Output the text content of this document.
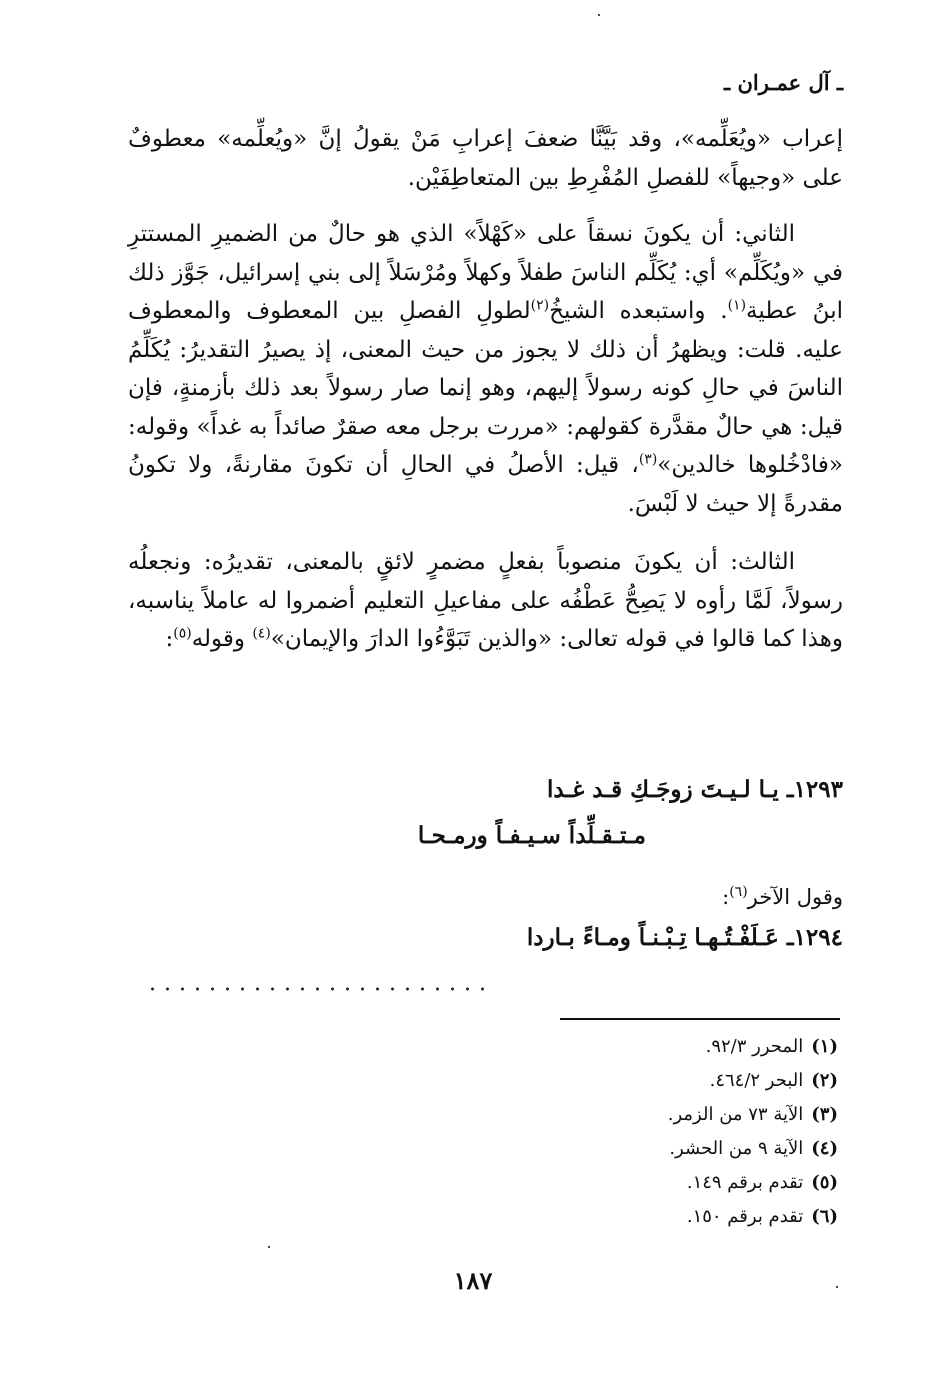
ـ آل عمـران ـ

إعراب «ويُعَلِّمه»، وقد بَيَّنَّا ضعفَ إعرابِ مَنْ يقولُ إنَّ «ويُعلِّمه» معطوفٌ على «وجيهاً» للفصلِ المُفْرِطِ بين المتعاطِفَيْن.

الثاني: أن يكونَ نسقاً على «كَهْلاً» الذي هو حالٌ من الضميرِ المستترِ في «ويُكَلِّم» أي: يُكَلِّم الناسَ طفلاً وكهلاً ومُرْسَلاً إلى بني إسرائيل، جَوَّز ذلك ابنُ عطية$^{(١)}$. واستبعده الشيخُ$^{(٢)}$لطولِ الفصلِ بين المعطوف والمعطوف عليه. قلت: ويظهرُ أن ذلك لا يجوز من حيث المعنى، إذ يصيرُ التقديرُ: يُكَلِّمُ الناسَ في حالِ كونه رسولاً إليهم، وهو إنما صار رسولاً بعد ذلك بأزمنةٍ، فإن قيل: هي حالٌ مقدَّرة كقولهم: «مررت برجل معه صقرٌ صائداً به غداً» وقوله: «فادْخُلوها خالدين»$^{(٣)}$، قيل: الأصلُ في الحالِ أن تكونَ مقارنةً، ولا تكونُ مقدرةً إلا حيث لا لَبْسَ.

الثالث: أن يكونَ منصوباً بفعلٍ مضمرٍ لائقٍ بالمعنى، تقديرُه: ونجعلُه رسولاً، لَمَّا رأوه لا يَصِحُّ عَطْفُه على مفاعيلِ التعليم أضمروا له عاملاً يناسبه، وهذا كما قالوا في قوله تعالى: «والذين تَبَوَّءُوا الدارَ والإيمان»$^{(٤)}$ وقوله$^{(٥)}$:

١٢٩٣ـ يـا لـيـتَ زوجَـكِ قـد غـدا
مـتـقـلِّداً سـيـفـاً ورمـحـا
وقول الآخر$^{(٦)}$:
١٢٩٤ـ عَـلَفْـتُـهـا تِـبْـنـاً ومـاءً بـاردا
(١)المحرر ٩٢/٣.
(٢)البحر ٤٦٤/٢.
(٣)الآية ٧٣ من الزمر.
(٤)الآية ٩ من الحشر.
(٥)تقدم برقم ١٤٩.
(٦)تقدم برقم ١٥٠.
١٨٧
